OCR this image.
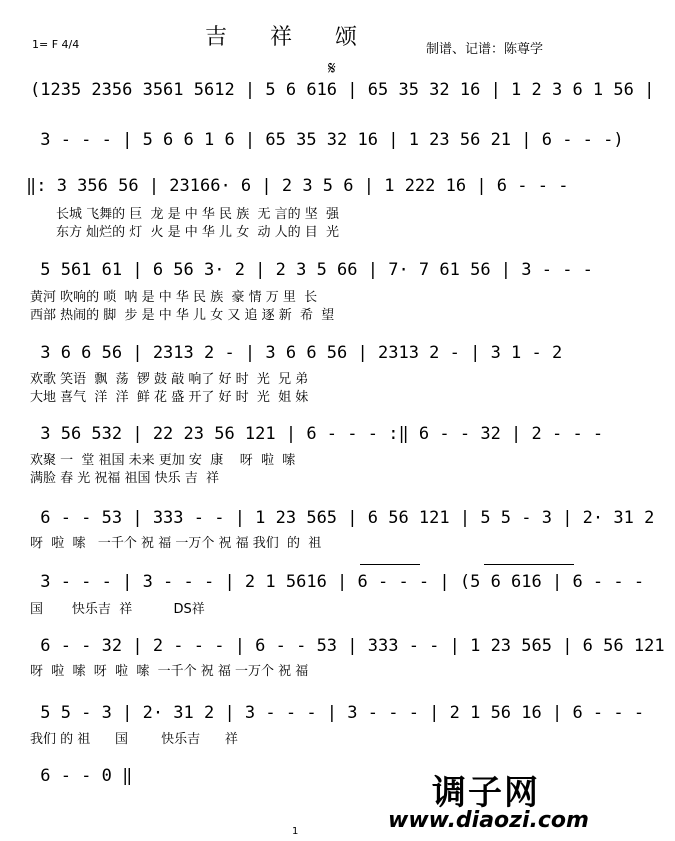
吉 祥 颂
1= F 4/4	制谱、记谱：陈尊学
𝄋
(1235 2356 3561 5612 | 5 6 616 | 65 35 32 16 | 1 2 3 6 1 56 |
3 - - - | 5 6 6 1 6 | 65 35 32 16 | 1 23 56 21 | 6 - - -)
‖: 3 356 56 | 23166· 6 | 2 3 5 6 | 1 222 16 | 6 - - -
长城 飞舞的 巨  龙 是 中 华 民 族  无 言的 坚  强
东方 灿烂的 灯  火 是 中 华 儿 女  动 人的 目  光
5 561 61 | 6 56 3· 2 | 2 3 5 66 | 7· 7 61 56 | 3 - - -
黄河 吹响的 唢  呐 是 中 华 民 族  豪 情 万 里  长
西部 热闹的 脚  步 是 中 华 儿 女 又 追 逐 新  希  望
3 6 6 56 | 2313 2 - | 3 6 6 56 | 2313 2 - | 3 1 - 2
欢歌 笑语  飘  荡  锣 鼓 敲 响了 好 时  光  兄 弟
大地 喜气  洋  洋  鲜 花 盛 开了 好 时  光  姐 妹
3 56 532 | 22 23 56 121 | 6 - - - :‖ 6 - - 32 | 2 - - -
欢聚 一  堂 祖国 未来 更加 安  康    呀  啦  嗦
满脸 春 光 祝福 祖国 快乐 吉  祥
6 - - 53 | 333 - - | 1 23 565 | 6 56 121 | 5 5 - 3 | 2· 31 2
呀  啦  嗦   一千个 祝 福 一万个 祝 福 我们  的  祖
3 - - - | 3 - - - | 2 1 5616 | 6 - - - | (5 6 616 | 6 - - -
国       快乐吉  祥          DS祥
6 - - 32 | 2 - - - | 6 - - 53 | 333 - - | 1 23 565 | 6 56 121
呀  啦  嗦  呀  啦  嗦  一千个 祝 福 一万个 祝 福
5 5 - 3 | 2· 31 2 | 3 - - - | 3 - - - | 2 1 56 16 | 6 - - -
我们 的 祖      国        快乐吉      祥
6 - - 0 ‖	调子网
www.diaozi.com
1
